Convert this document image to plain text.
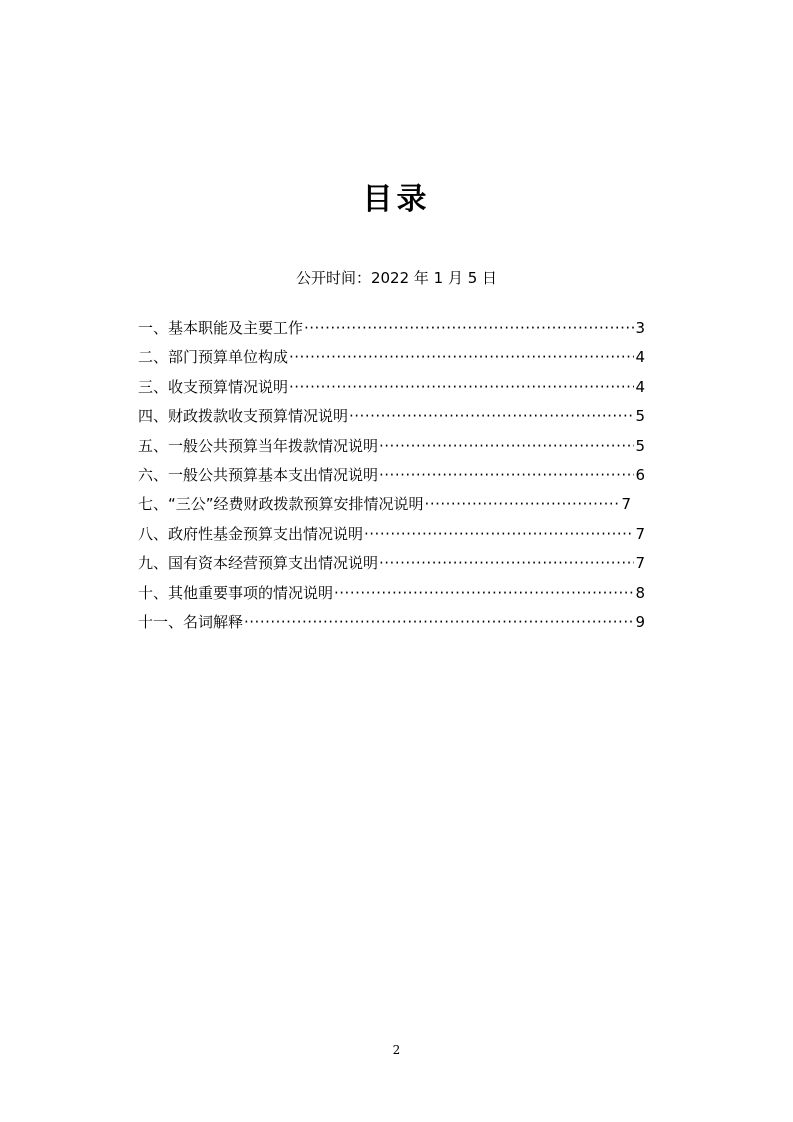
目录
公开时间：2022 年 1 月 5 日
一、基本职能及主要工作 ·····	3
二、部门预算单位构成 ·····	4
三、收支预算情况说明 ·····	4
四、财政拨款收支预算情况说明 ·····	5
五、一般公共预算当年拨款情况说明 ·····	5
六、一般公共预算基本支出情况说明 ·····	6
七、“三公”经费财政拨款预算安排情况说明 ·····	7
八、政府性基金预算支出情况说明 ·····	7
九、国有资本经营预算支出情况说明 ·····	7
十、其他重要事项的情况说明 ·····	8
十一、名词解释 ·····	9
2
